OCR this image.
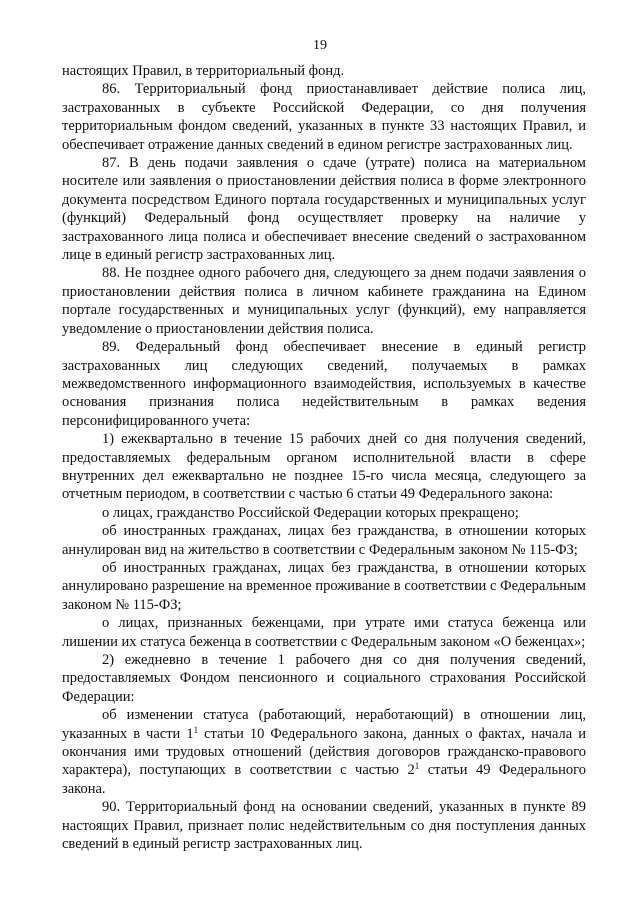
19

настоящих Правил, в территориальный фонд.

86. Территориальный фонд приостанавливает действие полиса лиц, застрахованных в субъекте Российской Федерации, со дня получения территориальным фондом сведений, указанных в пункте 33 настоящих Правил, и обеспечивает отражение данных сведений в едином регистре застрахованных лиц.

87. В день подачи заявления о сдаче (утрате) полиса на материальном носителе или заявления о приостановлении действия полиса в форме электронного документа посредством Единого портала государственных и муниципальных услуг (функций) Федеральный фонд осуществляет проверку на наличие у застрахованного лица полиса и обеспечивает внесение сведений о застрахованном лице в единый регистр застрахованных лиц.

88. Не позднее одного рабочего дня, следующего за днем подачи заявления о приостановлении действия полиса в личном кабинете гражданина на Едином портале государственных и муниципальных услуг (функций), ему направляется уведомление о приостановлении действия полиса.

89. Федеральный фонд обеспечивает внесение в единый регистр застрахованных лиц следующих сведений, получаемых в рамках межведомственного информационного взаимодействия, используемых в качестве основания признания полиса недействительным в рамках ведения персонифицированного учета:

1) ежеквартально в течение 15 рабочих дней со дня получения сведений, предоставляемых федеральным органом исполнительной власти в сфере внутренних дел ежеквартально не позднее 15-го числа месяца, следующего за отчетным периодом, в соответствии с частью 6 статьи 49 Федерального закона:

о лицах, гражданство Российской Федерации которых прекращено;

об иностранных гражданах, лицах без гражданства, в отношении которых аннулирован вид на жительство в соответствии с Федеральным законом № 115-ФЗ;

об иностранных гражданах, лицах без гражданства, в отношении которых аннулировано разрешение на временное проживание в соответствии с Федеральным законом № 115-ФЗ;

о лицах, признанных беженцами, при утрате ими статуса беженца или лишении их статуса беженца в соответствии с Федеральным законом «О беженцах»;

2) ежедневно в течение 1 рабочего дня со дня получения сведений, предоставляемых Фондом пенсионного и социального страхования Российской Федерации:

об изменении статуса (работающий, неработающий) в отношении лиц, указанных в части $1^1$ статьи 10 Федерального закона, данных о фактах, начала и окончания ими трудовых отношений (действия договоров гражданско-правового характера), поступающих в соответствии с частью $2^1$ статьи 49 Федерального закона.

90. Территориальный фонд на основании сведений, указанных в пункте 89 настоящих Правил, признает полис недействительным со дня поступления данных сведений в единый регистр застрахованных лиц.
